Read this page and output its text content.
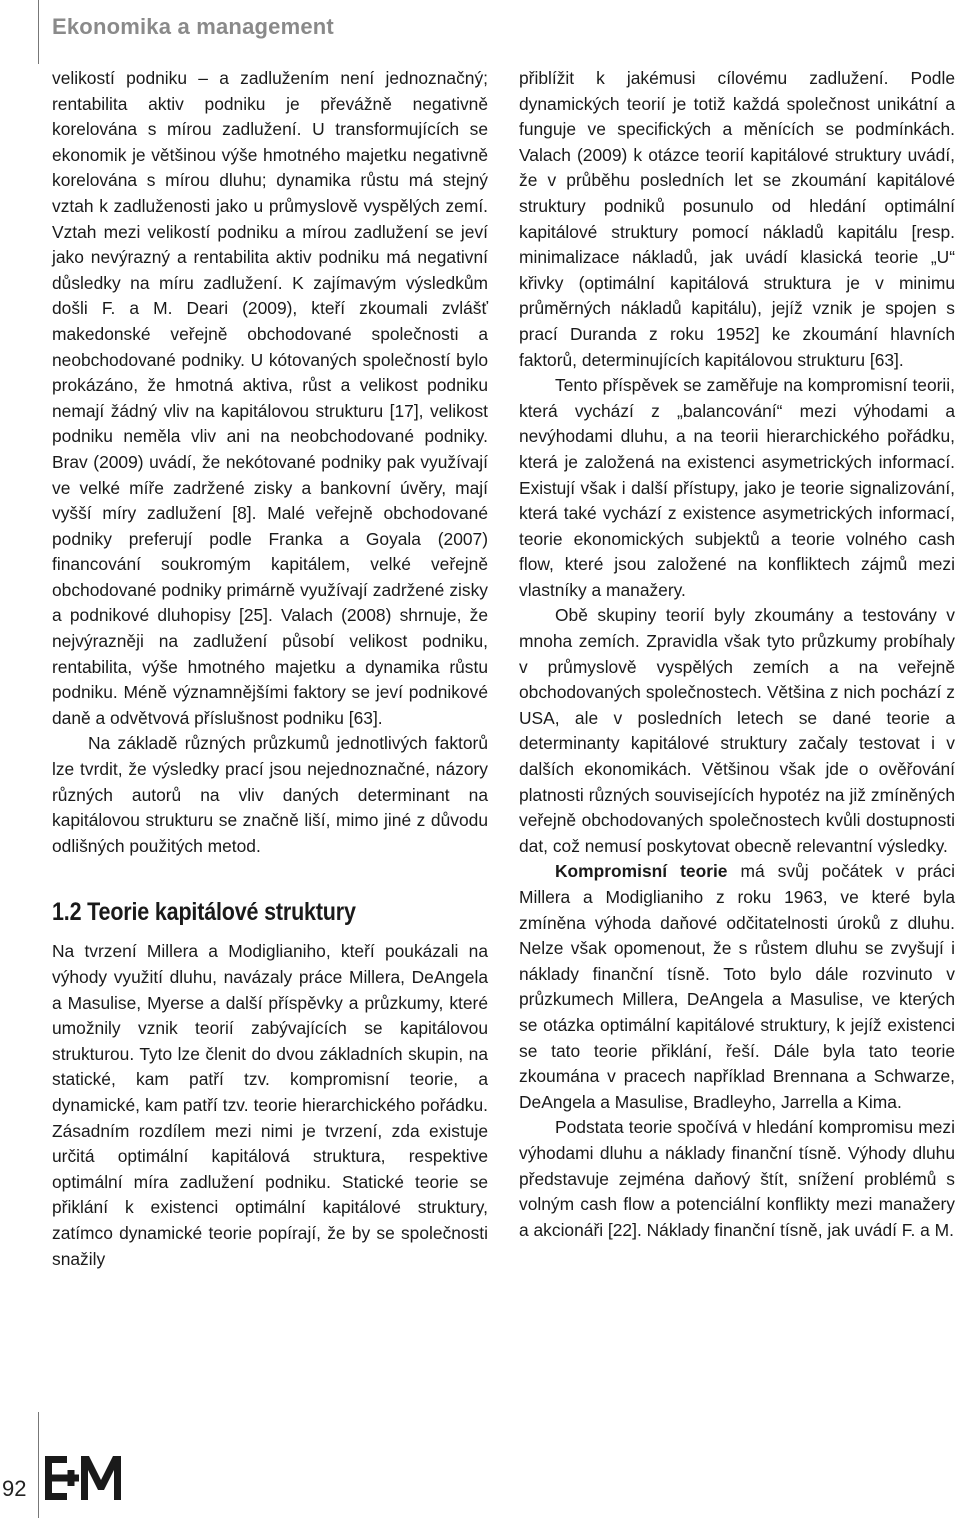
Ekonomika a management

velikostí podniku – a zadlužením není jednoznačný; rentabilita aktiv podniku je převážně negativně korelována s mírou zadlužení. U transformujících se ekonomik je většinou výše hmotného majetku negativně korelována s mírou dluhu; dynamika růstu má stejný vztah k zadluženosti jako u průmyslově vyspělých zemí. Vztah mezi velikostí podniku a mírou zadlužení se jeví jako nevýrazný a rentabilita aktiv podniku má negativní důsledky na míru zadlužení. K zajímavým výsledkům došli F. a M. Deari (2009), kteří zkoumali zvlášť makedonské veřejně obchodované společnosti a neobchodované podniky. U kótovaných společností bylo prokázáno, že hmotná aktiva, růst a velikost podniku nemají žádný vliv na kapitálovou strukturu [17], velikost podniku neměla vliv ani na neobchodované podniky. Brav (2009) uvádí, že nekótované podniky pak využívají ve velké míře zadržené zisky a bankovní úvěry, mají vyšší míry zadlužení [8]. Malé veřejně obchodované podniky preferují podle Franka a Goyala (2007) financování soukromým kapitálem, velké veřejně obchodované podniky primárně využívají zadržené zisky a podnikové dluhopisy [25]. Valach (2008) shrnuje, že nejvýrazněji na zadlužení působí velikost podniku, rentabilita, výše hmotného majetku a dynamika růstu podniku. Méně významnějšími faktory se jeví podnikové daně a odvětvová příslušnost podniku [63].

Na základě různých průzkumů jednotlivých faktorů lze tvrdit, že výsledky prací jsou nejednoznačné, názory různých autorů na vliv daných determinant na kapitálovou strukturu se značně liší, mimo jiné z důvodu odlišných použitých metod.

1.2 Teorie kapitálové struktury

Na tvrzení Millera a Modiglianiho, kteří poukázali na výhody využití dluhu, navázaly práce Millera, DeAngela a Masulise, Myerse a další příspěvky a průzkumy, které umožnily vznik teorií zabývajících se kapitálovou strukturou. Tyto lze členit do dvou základních skupin, na statické, kam patří tzv. kompromisní teorie, a dynamické, kam patří tzv. teorie hierarchického pořádku. Zásadním rozdílem mezi nimi je tvrzení, zda existuje určitá optimální kapitálová struktura, respektive optimální míra zadlužení podniku. Statické teorie se přiklání k existenci optimální kapitálové struktury, zatímco dynamické teorie popírají, že by se společnosti snažily

přiblížit k jakémusi cílovému zadlužení. Podle dynamických teorií je totiž každá společnost unikátní a funguje ve specifických a měnících se podmínkách. Valach (2009) k otázce teorií kapitálové struktury uvádí, že v průběhu posledních let se zkoumání kapitálové struktury podniků posunulo od hledání optimální kapitálové struktury pomocí nákladů kapitálu [resp. minimalizace nákladů, jak uvádí klasická teorie „U“ křivky (optimální kapitálová struktura je v minimu průměrných nákladů kapitálu), jejíž vznik je spojen s prací Duranda z roku 1952] ke zkoumání hlavních faktorů, determinujících kapitálovou strukturu [63].

Tento příspěvek se zaměřuje na kompromisní teorii, která vychází z „balancování“ mezi výhodami a nevýhodami dluhu, a na teorii hierarchického pořádku, která je založená na existenci asymetrických informací. Existují však i další přístupy, jako je teorie signalizování, která také vychází z existence asymetrických informací, teorie ekonomických subjektů a teorie volného cash flow, které jsou založené na konfliktech zájmů mezi vlastníky a manažery.

Obě skupiny teorií byly zkoumány a testovány v mnoha zemích. Zpravidla však tyto průzkumy probíhaly v průmyslově vyspělých zemích a na veřejně obchodovaných společnostech. Většina z nich pochází z USA, ale v posledních letech se dané teorie a determinanty kapitálové struktury začaly testovat i v dalších ekonomikách. Většinou však jde o ověřování platnosti různých souvisejících hypotéz na již zmíněných veřejně obchodovaných společnostech kvůli dostupnosti dat, což nemusí poskytovat obecně relevantní výsledky.

Kompromisní teorie má svůj počátek v práci Millera a Modiglianiho z roku 1963, ve které byla zmíněna výhoda daňové odčitatelnosti úroků z dluhu. Nelze však opomenout, že s růstem dluhu se zvyšují i náklady finanční tísně. Toto bylo dále rozvinuto v průzkumech Millera, DeAngela a Masulise, ve kterých se otázka optimální kapitálové struktury, k jejíž existenci se tato teorie přiklání, řeší. Dále byla tato teorie zkoumána v pracech například Brennana a Schwarze, DeAngela a Masulise, Bradleyho, Jarrella a Kima.

Podstata teorie spočívá v hledání kompromisu mezi výhodami dluhu a náklady finanční tísně. Výhody dluhu představuje zejména daňový štít, snížení problémů s volným cash flow a potenciální konflikty mezi manažery a akcionáři [22]. Náklady finanční tísně, jak uvádí F. a M.

92
